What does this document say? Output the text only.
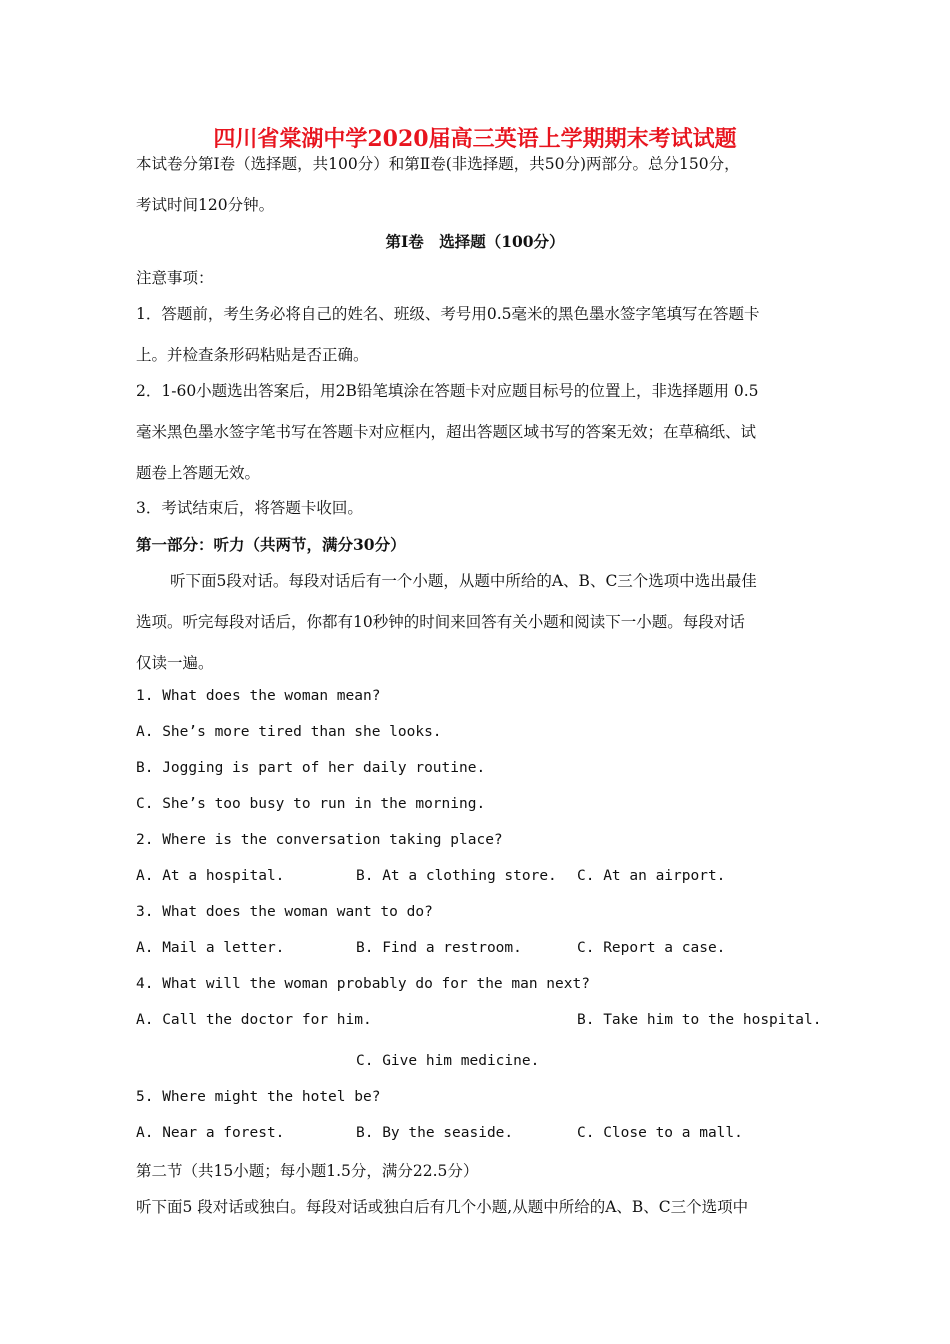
四川省棠湖中学2020届高三英语上学期期末考试试题
本试卷分第Ⅰ卷（选择题，共100分）和第Ⅱ卷(非选择题，共50分)两部分。总分150分，
考试时间120分钟。
第Ⅰ卷　选择题（100分）
注意事项：
1．答题前，考生务必将自己的姓名、班级、考号用0.5毫米的黑色墨水签字笔填写在答题卡
上。并检查条形码粘贴是否正确。
2．1-60小题选出答案后，用2B铅笔填涂在答题卡对应题目标号的位置上，非选择题用 0.5
毫米黑色墨水签字笔书写在答题卡对应框内，超出答题区域书写的答案无效；在草稿纸、试
题卷上答题无效。
3．考试结束后，将答题卡收回。
第一部分：听力（共两节，满分30分）
听下面5段对话。每段对话后有一个小题，从题中所给的A、B、C三个选项中选出最佳
选项。听完每段对话后，你都有10秒钟的时间来回答有关小题和阅读下一小题。每段对话
仅读一遍。
1. What does the woman mean?
A. She’s more tired than she looks.
B. Jogging is part of her daily routine.
C. She’s too busy to run in the morning.
2. Where is the conversation taking place?
A. At a hospital.	B. At a clothing store. C. At an airport.
3. What does the woman want to do?
A. Mail a letter.	B. Find a restroom.	C. Report a case.
4. What will the woman probably do for the man next?
A. Call the doctor for him.	B. Take him to the hospital.
C. Give him medicine.
5. Where might the hotel be?
A. Near a forest.	B. By the seaside.	C. Close to a mall.
第二节（共15小题；每小题1.5分，满分22.5分）
听下面5 段对话或独白。每段对话或独白后有几个小题,从题中所给的A、B、C三个选项中
